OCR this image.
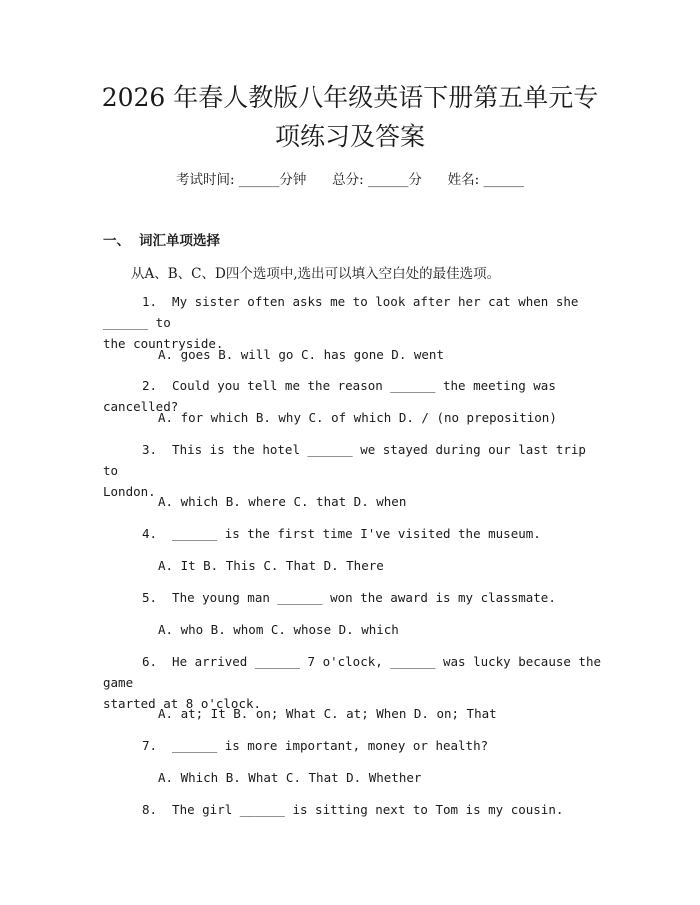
2026 年春人教版八年级英语下册第五单元专
项练习及答案
考试时间: ______分钟      总分: ______分      姓名: ______
一、 词汇单项选择
从A、B、C、D四个选项中,选出可以填入空白处的最佳选项。
1.  My sister often asks me to look after her cat when she ______ to
the countryside.
A. goes B. will go C. has gone D. went
2.  Could you tell me the reason ______ the meeting was cancelled?
A. for which B. why C. of which D. / (no preposition)
3.  This is the hotel ______ we stayed during our last trip to
London.
A. which B. where C. that D. when
4.  ______ is the first time I've visited the museum.
A. It B. This C. That D. There
5.  The young man ______ won the award is my classmate.
A. who B. whom C. whose D. which
6.  He arrived ______ 7 o'clock, ______ was lucky because the game
started at 8 o'clock.
A. at; It B. on; What C. at; When D. on; That
7.  ______ is more important, money or health?
A. Which B. What C. That D. Whether
8.  The girl ______ is sitting next to Tom is my cousin.
